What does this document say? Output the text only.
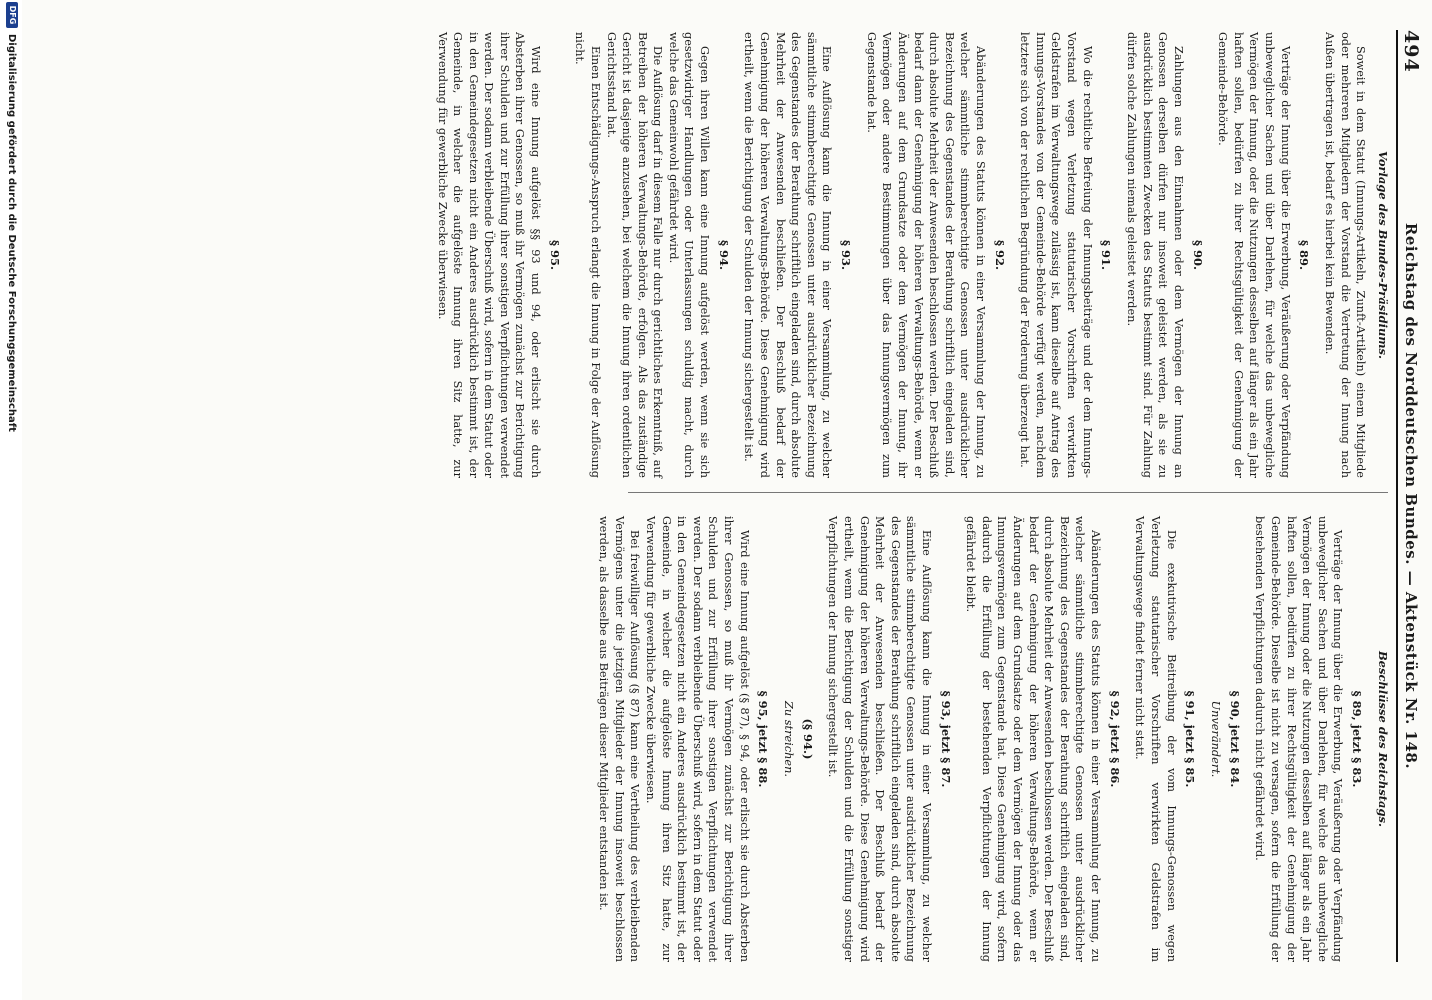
494
Reichstag des Norddeutschen Bundes. — Aktenstück Nr. 148.
Vorlage des Bundes-Präsidiums.

Soweit in dem Statut (Innungs-Artikeln, Zunft-Artikeln) einem Mitgliede oder mehreren Mitgliedern der Vorstand die Vertretung der Innung nach Außen übertragen ist, bedarf es hierbei kein Bewenden.

§ 89.

Verträge der Innung über die Erwerbung, Veräußerung oder Verpfändung unbeweglicher Sachen und über Darlehen, für welche das unbewegliche Vermögen der Innung, oder die Nutzungen desselben auf länger als ein Jahr haften sollen, bedürfen zu ihrer Rechtsgültigkeit der Genehmigung der Gemeinde-Behörde.

§ 90.

Zahlungen aus den Einnahmen oder dem Vermögen der Innung an Genossen derselben dürfen nur insoweit geleistet werden, als sie zu ausdrücklich bestimmten Zwecken des Statuts bestimmt sind. Für Zahlung dürfen solche Zahlungen niemals geleistet werden.

§ 91.

Wo die rechtliche Befreiung der Innungsbeiträge und der dem Innungs-Vorstand wegen Verletzung statutarischer Vorschriften verwirkten Geldstrafen im Verwaltungswege zulässig ist, kann dieselbe auf Antrag des Innungs-Vorstandes von der Gemeinde-Behörde verfügt werden, nachdem letztere sich von der rechtlichen Begründung der Forderung überzeugt hat.

§ 92.

Abänderungen des Statuts können in einer Versammlung der Innung, zu welcher sämmtliche stimmberechtigte Genossen unter ausdrücklicher Bezeichnung des Gegenstandes der Berathung schriftlich eingeladen sind, durch absolute Mehrheit der Anwesenden beschlossen werden. Der Beschluß bedarf dann der Genehmigung der höheren Verwaltungs-Behörde, wenn er Änderungen auf dem Grundsatze oder dem Vermögen der Innung, ihr Vermögen oder andere Bestimmungen über das Innungsvermögen zum Gegenstande hat.

§ 93.

Eine Auflösung kann die Innung in einer Versammlung, zu welcher sämmtliche stimmberechtigte Genossen unter ausdrücklicher Bezeichnung des Gegenstandes der Berathung schriftlich eingeladen sind, durch absolute Mehrheit der Anwesenden beschließen. Der Beschluß bedarf der Genehmigung der höheren Verwaltungs-Behörde. Diese Genehmigung wird ertheilt, wenn die Berichtigung der Schulden der Innung sichergestellt ist.

§ 94.

Gegen ihren Willen kann eine Innung aufgelöst werden, wenn sie sich gesetzwidriger Handlungen oder Unterlassungen schuldig macht, durch welche das Gemeinwohl gefährdet wird.

Die Auflösung darf in diesem Falle nur durch gerichtliches Erkenntniß, auf Betreiben der höheren Verwaltungs-Behörde, erfolgen. Als das zuständige Gericht ist dasjenige anzusehen, bei welchem die Innung ihren ordentlichen Gerichtsstand hat.

Einen Entschädigungs-Anspruch erlangt die Innung in Folge der Auflösung nicht.

§ 95.

Wird eine Innung aufgelöst §§ 93 und 94, oder erlischt sie durch Absterben ihrer Genossen, so muß ihr Vermögen zunächst zur Berichtigung ihrer Schulden und zur Erfüllung ihrer sonstigen Verpflichtungen verwendet werden. Der sodann verbleibende Überschuß wird, sofern in dem Statut oder in den Gemeindegesetzen nicht ein Anderes ausdrücklich bestimmt ist, der Gemeinde, in welcher die aufgelöste Innung ihren Sitz hatte, zur Verwendung für gewerbliche Zwecke überwiesen.

Beschlüsse des Reichstags.
§ 89, jetzt § 83.

Verträge der Innung über die Erwerbung, Veräußerung oder Verpfändung unbeweglicher Sachen und über Darlehen, für welche das unbewegliche Vermögen der Innung oder die Nutzungen desselben auf länger als ein Jahr haften sollen, bedürfen zu ihrer Rechtsgültigkeit der Genehmigung der Gemeinde-Behörde. Dieselbe ist nicht zu versagen, sofern die Erfüllung der bestehenden Verpflichtungen dadurch nicht gefährdet wird.

§ 90, jetzt § 84.
Unverändert.
§ 91, jetzt § 85.

Die exekutivische Beitreibung der vom Innungs-Genossen wegen Verletzung statutarischer Vorschriften verwirkten Geldstrafen im Verwaltungswege findet ferner nicht statt.

§ 92, jetzt § 86.

Abänderungen des Statuts können in einer Versammlung der Innung, zu welcher sämmtliche stimmberechtigte Genossen unter ausdrücklicher Bezeichnung des Gegenstandes der Berathung schriftlich eingeladen sind, durch absolute Mehrheit der Anwesenden beschlossen werden. Der Beschluß bedarf der Genehmigung der höheren Verwaltungs-Behörde, wenn er Änderungen auf dem Grundsatze oder dem Vermögen der Innung oder das Innungsvermögen zum Gegenstande hat. Diese Genehmigung wird, sofern dadurch die Erfüllung der bestehenden Verpflichtungen der Innung gefährdet bleibt.

§ 93, jetzt § 87.

Eine Auflösung kann die Innung in einer Versammlung, zu welcher sämmtliche stimmberechtigte Genossen unter ausdrücklicher Bezeichnung des Gegenstandes der Berathung schriftlich eingeladen sind, durch absolute Mehrheit der Anwesenden beschließen. Der Beschluß bedarf der Genehmigung der höheren Verwaltungs-Behörde. Diese Genehmigung wird ertheilt, wenn die Berichtigung der Schulden und die Erfüllung sonstiger Verpflichtungen der Innung sichergestellt ist.

(§ 94.)
Zu streichen.
§ 95, jetzt § 88.

Wird eine Innung aufgelöst (§ 87), § 94, oder erlischt sie durch Absterben ihrer Genossen, so muß ihr Vermögen zunächst zur Berichtigung ihrer Schulden und zur Erfüllung ihrer sonstigen Verpflichtungen verwendet werden. Der sodann verbleibende Überschuß wird, sofern in dem Statut oder in den Gemeindegesetzen nicht ein Anderes ausdrücklich bestimmt ist, der Gemeinde, in welcher die aufgelöste Innung ihren Sitz hatte, zur Verwendung für gewerbliche Zwecke überwiesen.

Bei freiwilliger Auflösung (§ 87) kann eine Vertheilung des verbleibenden Vermögens unter die jetzigen Mitglieder der Innung insoweit beschlossen werden, als dasselbe aus Beiträgen dieser Mitglieder entstanden ist.

DFG
Digitalisierung gefördert durch die Deutsche Forschungsgemeinschaft
